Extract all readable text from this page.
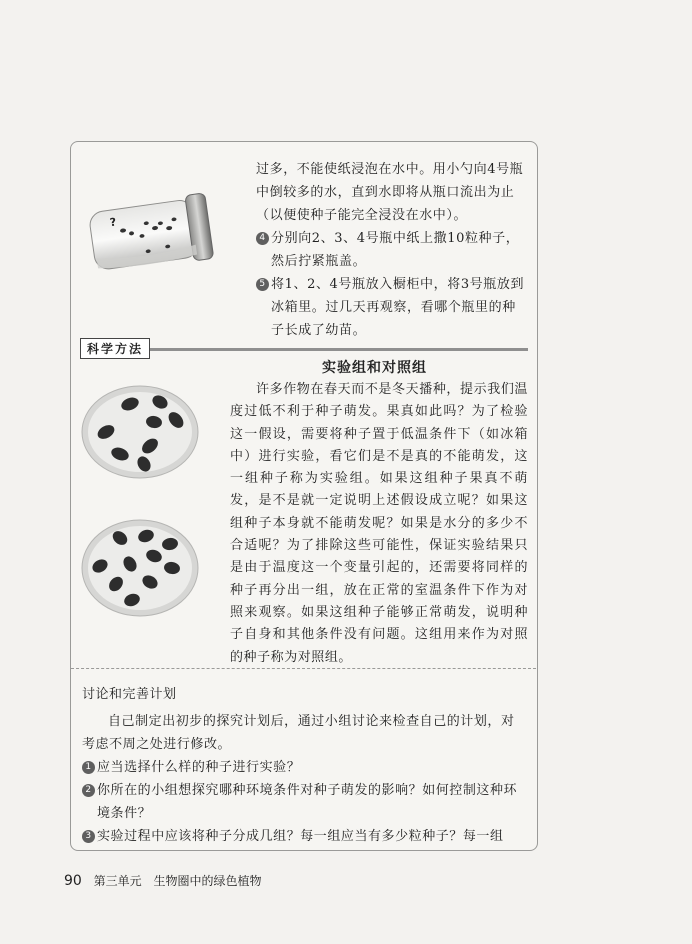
?

过多，不能使纸浸泡在水中。用小勺向4号瓶中倒较多的水，直到水即将从瓶口流出为止（以便使种子能完全浸没在水中）。

4 分别向2、3、4号瓶中纸上撒10粒种子，然后拧紧瓶盖。
5 将1、2、4号瓶放入橱柜中，将3号瓶放到冰箱里。过几天再观察，看哪个瓶里的种子长成了幼苗。
科学方法
实验组和对照组

许多作物在春天而不是冬天播种，提示我们温度过低不利于种子萌发。果真如此吗？为了检验这一假设，需要将种子置于低温条件下（如冰箱中）进行实验，看它们是不是真的不能萌发，这一组种子称为实验组。如果这组种子果真不萌发，是不是就一定说明上述假设成立呢？如果这组种子本身就不能萌发呢？如果是水分的多少不合适呢？为了排除这些可能性，保证实验结果只是由于温度这一个变量引起的，还需要将同样的种子再分出一组，放在正常的室温条件下作为对照来观察。如果这组种子能够正常萌发，说明种子自身和其他条件没有问题。这组用来作为对照的种子称为对照组。

讨论和完善计划

自己制定出初步的探究计划后，通过小组讨论来检查自己的计划，对考虑不周之处进行修改。

1 应当选择什么样的种子进行实验？
2 你所在的小组想探究哪种环境条件对种子萌发的影响？如何控制这种环境条件？
3 实验过程中应该将种子分成几组？每一组应当有多少粒种子？每一组
90 第三单元 生物圈中的绿色植物
